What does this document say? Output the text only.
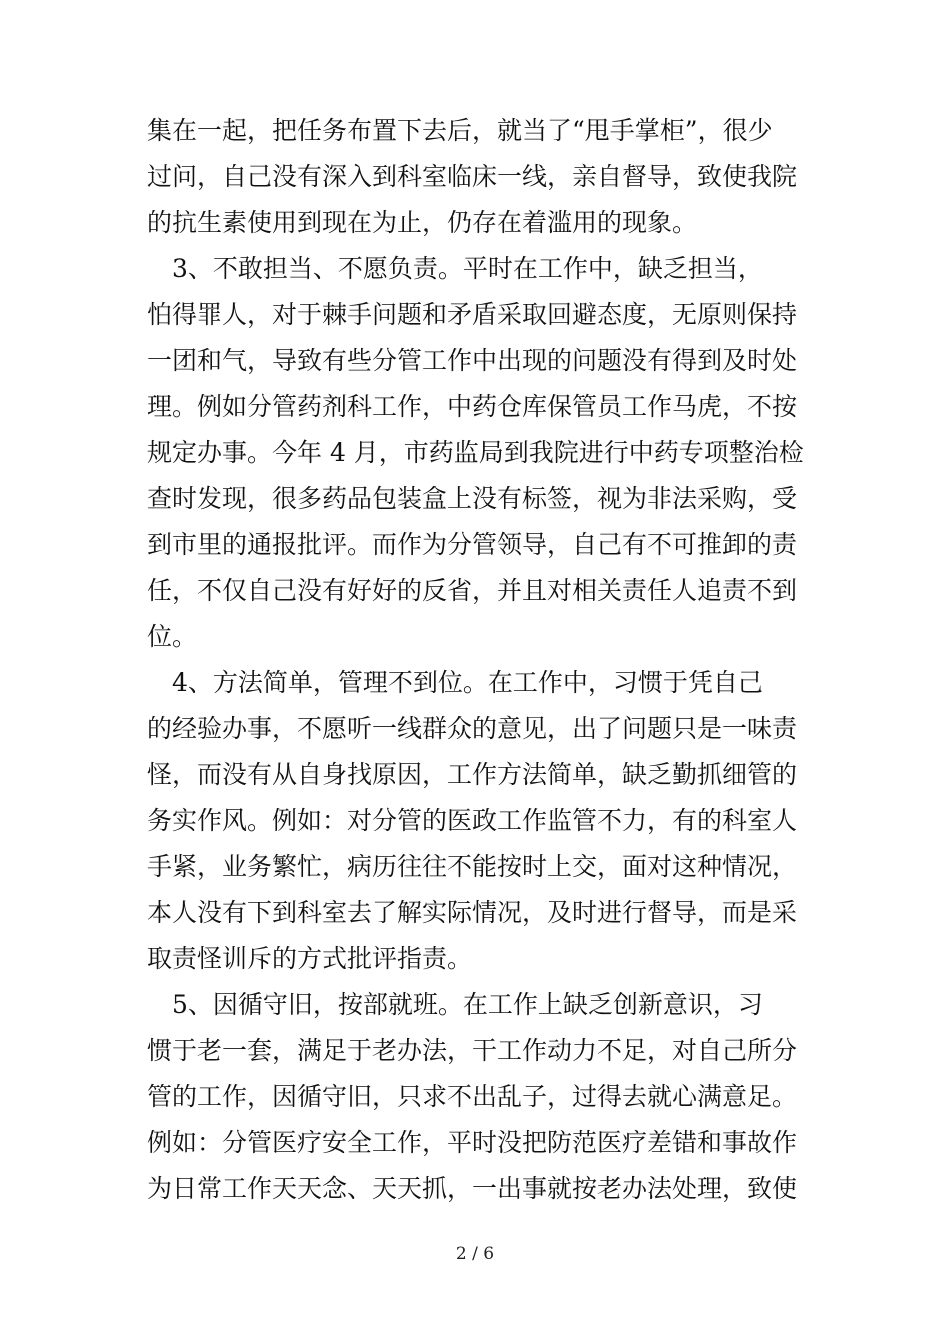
集在一起，把任务布置下去后，就当了“甩手掌柜”，很少
过问，自己没有深入到科室临床一线，亲自督导，致使我院
的抗生素使用到现在为止，仍存在着滥用的现象。
　3、不敢担当、不愿负责。平时在工作中，缺乏担当，
怕得罪人，对于棘手问题和矛盾采取回避态度，无原则保持
一团和气，导致有些分管工作中出现的问题没有得到及时处
理。例如分管药剂科工作，中药仓库保管员工作马虎，不按
规定办事。今年 4 月，市药监局到我院进行中药专项整治检
查时发现，很多药品包装盒上没有标签，视为非法采购，受
到市里的通报批评。而作为分管领导，自己有不可推卸的责
任，不仅自己没有好好的反省，并且对相关责任人追责不到
位。
　4、方法简单，管理不到位。在工作中，习惯于凭自己
的经验办事，不愿听一线群众的意见，出了问题只是一味责
怪，而没有从自身找原因，工作方法简单，缺乏勤抓细管的
务实作风。例如：对分管的医政工作监管不力，有的科室人
手紧，业务繁忙，病历往往不能按时上交，面对这种情况，
本人没有下到科室去了解实际情况，及时进行督导，而是采
取责怪训斥的方式批评指责。
　5、因循守旧，按部就班。在工作上缺乏创新意识，习
惯于老一套，满足于老办法，干工作动力不足，对自己所分
管的工作，因循守旧，只求不出乱子，过得去就心满意足。
例如：分管医疗安全工作，平时没把防范医疗差错和事故作
为日常工作天天念、天天抓，一出事就按老办法处理，致使
2 / 6
